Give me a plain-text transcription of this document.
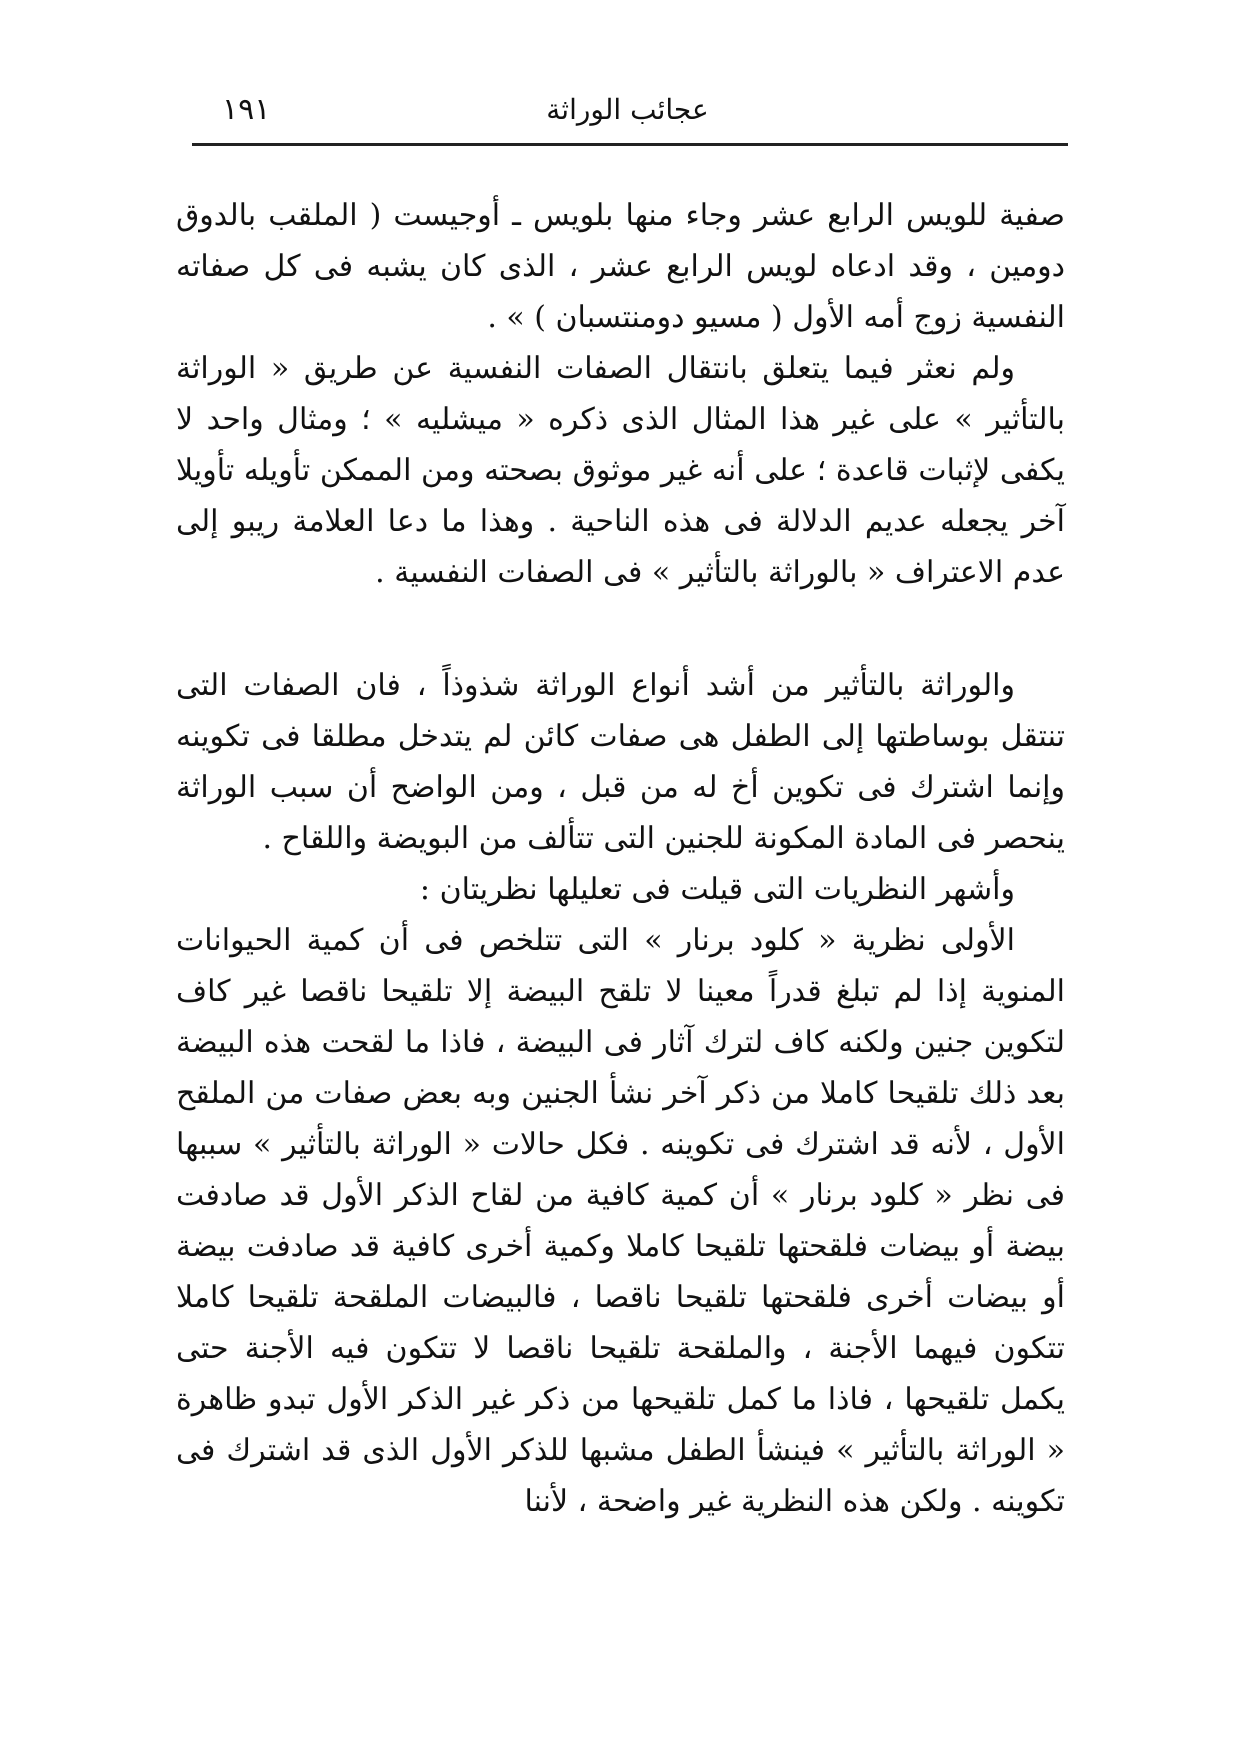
١٩١	عجائب الوراثة

صفية للويس الرابع عشر وجاء منها بلويس ـ أوجيست ( الملقب بالدوق دومين ، وقد ادعاه لويس الرابع عشر ، الذى كان يشبه فى كل صفاته النفسية زوج أمه الأول ( مسيو دومنتسبان ) » .

ولم نعثر فيما يتعلق بانتقال الصفات النفسية عن طريق « الوراثة بالتأثير » على غير هذا المثال الذى ذكره « ميشليه » ؛ ومثال واحد لا يكفى لإثبات قاعدة ؛ على أنه غير موثوق بصحته ومن الممكن تأويله تأويلا آخر يجعله عديم الدلالة فى هذه الناحية . وهذا ما دعا العلامة ريبو إلى عدم الاعتراف « بالوراثة بالتأثير » فى الصفات النفسية .

والوراثة بالتأثير من أشد أنواع الوراثة شذوذاً ، فان الصفات التى تنتقل بوساطتها إلى الطفل هى صفات كائن لم يتدخل مطلقا فى تكوينه وإنما اشترك فى تكوين أخ له من قبل ، ومن الواضح أن سبب الوراثة ينحصر فى المادة المكونة للجنين التى تتألف من البويضة واللقاح .

وأشهر النظريات التى قيلت فى تعليلها نظريتان :

الأولى نظرية « كلود برنار » التى تتلخص فى أن كمية الحيوانات المنوية إذا لم تبلغ قدراً معينا لا تلقح البيضة إلا تلقيحا ناقصا غير كاف لتكوين جنين ولكنه كاف لترك آثار فى البيضة ، فاذا ما لقحت هذه البيضة بعد ذلك تلقيحا كاملا من ذكر آخر نشأ الجنين وبه بعض صفات من الملقح الأول ، لأنه قد اشترك فى تكوينه . فكل حالات « الوراثة بالتأثير » سببها فى نظر « كلود برنار » أن كمية كافية من لقاح الذكر الأول قد صادفت بيضة أو بيضات فلقحتها تلقيحا كاملا وكمية أخرى كافية قد صادفت بيضة أو بيضات أخرى فلقحتها تلقيحا ناقصا ، فالبيضات الملقحة تلقيحا كاملا تتكون فيهما الأجنة ، والملقحة تلقيحا ناقصا لا تتكون فيه الأجنة حتى يكمل تلقيحها ، فاذا ما كمل تلقيحها من ذكر غير الذكر الأول تبدو ظاهرة « الوراثة بالتأثير » فينشأ الطفل مشبها للذكر الأول الذى قد اشترك فى تكوينه . ولكن هذه النظرية غير واضحة ، لأننا
